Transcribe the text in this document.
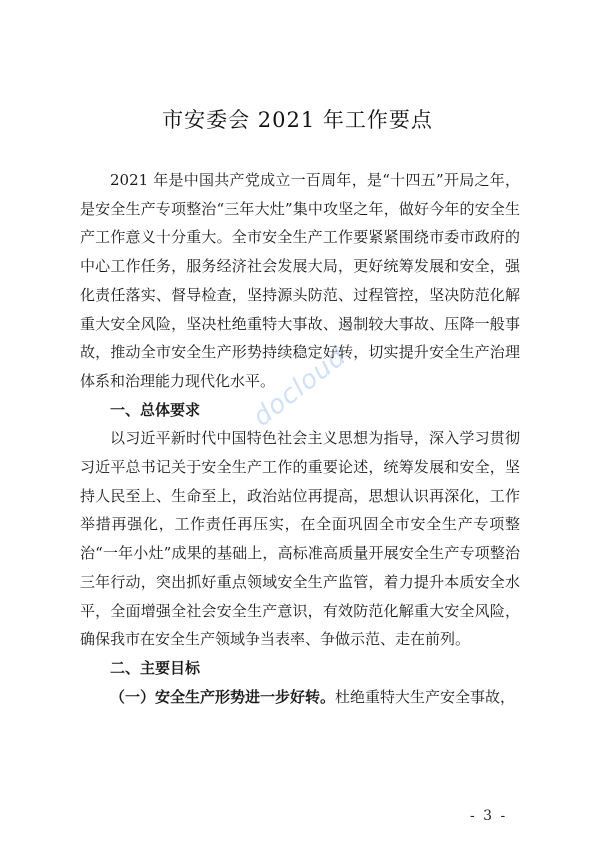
市安委会 2021 年工作要点

2021 年是中国共产党成立一百周年，是“十四五”开局之年，是安全生产专项整治“三年大灶”集中攻坚之年，做好今年的安全生产工作意义十分重大。全市安全生产工作要紧紧围绕市委市政府的中心工作任务，服务经济社会发展大局，更好统筹发展和安全，强化责任落实、督导检查，坚持源头防范、过程管控，坚决防范化解重大安全风险，坚决杜绝重特大事故、遏制较大事故、压降一般事故，推动全市安全生产形势持续稳定好转，切实提升安全生产治理体系和治理能力现代化水平。

一、总体要求

以习近平新时代中国特色社会主义思想为指导，深入学习贯彻习近平总书记关于安全生产工作的重要论述，统筹发展和安全，坚持人民至上、生命至上，政治站位再提高，思想认识再深化，工作举措再强化，工作责任再压实，在全面巩固全市安全生产专项整治“一年小灶”成果的基础上，高标准高质量开展安全生产专项整治三年行动，突出抓好重点领域安全生产监管，着力提升本质安全水平，全面增强全社会安全生产意识，有效防范化解重大安全风险，确保我市在安全生产领域争当表率、争做示范、走在前列。

二、主要目标

（一）安全生产形势进一步好转。杜绝重特大生产安全事故，

docloud
- 3 -
